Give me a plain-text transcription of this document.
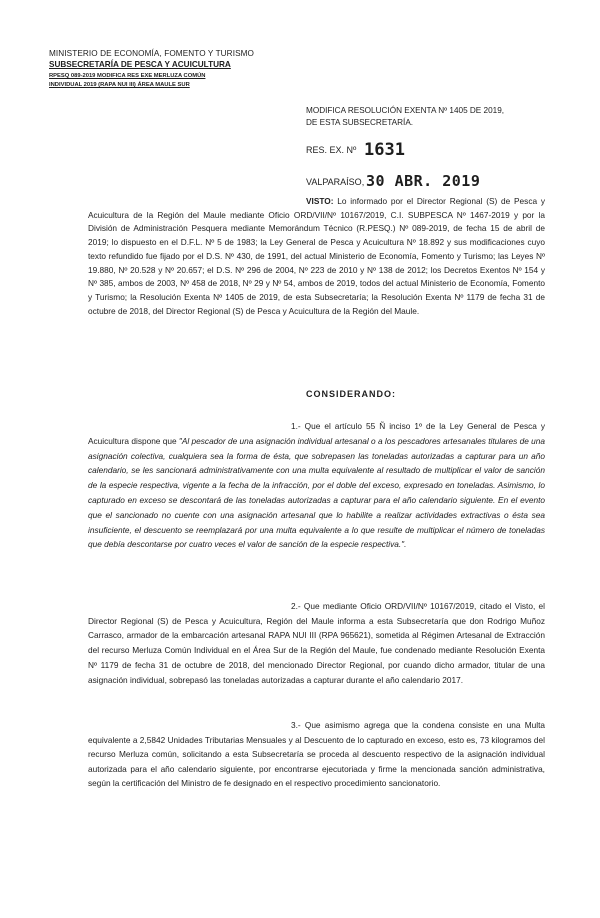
MINISTERIO DE ECONOMÍA, FOMENTO Y TURISMO
SUBSECRETARÍA DE PESCA Y ACUICULTURA
RPESQ 089-2019 MODIFICA RES EXE MERLUZA COMÚN
INDIVIDUAL 2019 (RAPA NUI III) ÁREA MAULE SUR
MODIFICA RESOLUCIÓN EXENTA Nº 1405 DE 2019,
DE ESTA SUBSECRETARÍA.
RES. EX. Nº 1631
VALPARAÍSO, 30 ABR. 2019
VISTO: Lo informado por el Director Regional (S) de Pesca y Acuicultura de la Región del Maule mediante Oficio ORD/VII/Nº 10167/2019, C.I. SUBPESCA Nº 1467-2019 y por la División de Administración Pesquera mediante Memorándum Técnico (R.PESQ.) Nº 089-2019, de fecha 15 de abril de 2019; lo dispuesto en el D.F.L. Nº 5 de 1983; la Ley General de Pesca y Acuicultura Nº 18.892 y sus modificaciones cuyo texto refundido fue fijado por el D.S. Nº 430, de 1991, del actual Ministerio de Economía, Fomento y Turismo; las Leyes Nº 19.880, Nº 20.528 y Nº 20.657; el D.S. Nº 296 de 2004, Nº 223 de 2010 y Nº 138 de 2012; los Decretos Exentos Nº 154 y Nº 385, ambos de 2003, Nº 458 de 2018, Nº 29 y Nº 54, ambos de 2019, todos del actual Ministerio de Economía, Fomento y Turismo; la Resolución Exenta Nº 1405 de 2019, de esta Subsecretaría; la Resolución Exenta Nº 1179 de fecha 31 de octubre de 2018, del Director Regional (S) de Pesca y Acuicultura de la Región del Maule.
CONSIDERANDO:
1.- Que el artículo 55 Ñ inciso 1º de la Ley General de Pesca y Acuicultura dispone que "Al pescador de una asignación individual artesanal o a los pescadores artesanales titulares de una asignación colectiva, cualquiera sea la forma de ésta, que sobrepasen las toneladas autorizadas a capturar para un año calendario, se les sancionará administrativamente con una multa equivalente al resultado de multiplicar el valor de sanción de la especie respectiva, vigente a la fecha de la infracción, por el doble del exceso, expresado en toneladas. Asimismo, lo capturado en exceso se descontará de las toneladas autorizadas a capturar para el año calendario siguiente. En el evento que el sancionado no cuente con una asignación artesanal que lo habilite a realizar actividades extractivas o ésta sea insuficiente, el descuento se reemplazará por una multa equivalente a lo que resulte de multiplicar el número de toneladas que debía descontarse por cuatro veces el valor de sanción de la especie respectiva.".
2.- Que mediante Oficio ORD/VII/Nº 10167/2019, citado el Visto, el Director Regional (S) de Pesca y Acuicultura, Región del Maule informa a esta Subsecretaría que don Rodrigo Muñoz Carrasco, armador de la embarcación artesanal RAPA NUI III (RPA 965621), sometida al Régimen Artesanal de Extracción del recurso Merluza Común Individual en el Área Sur de la Región del Maule, fue condenado mediante Resolución Exenta Nº 1179 de fecha 31 de octubre de 2018, del mencionado Director Regional, por cuando dicho armador, titular de una asignación individual, sobrepasó las toneladas autorizadas a capturar durante el año calendario 2017.
3.- Que asimismo agrega que la condena consiste en una Multa equivalente a 2,5842 Unidades Tributarias Mensuales y al Descuento de lo capturado en exceso, esto es, 73 kilogramos del recurso Merluza común, solicitando a esta Subsecretaría se proceda al descuento respectivo de la asignación individual autorizada para el año calendario siguiente, por encontrarse ejecutoriada y firme la mencionada sanción administrativa, según la certificación del Ministro de fe designado en el respectivo procedimiento sancionatorio.
